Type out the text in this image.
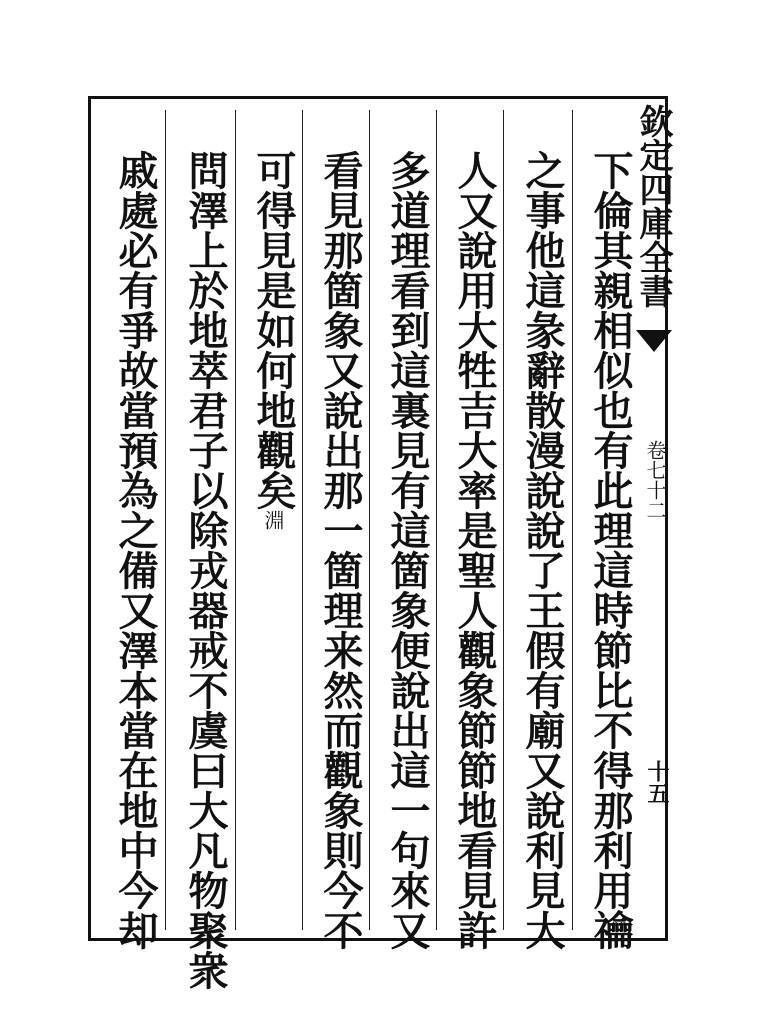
欽定四庫全書
卷七十二
十五
下倫其親相似也有此理這時節比不得那利用禴
之事他這彖辭散漫說說了王假有廟又說利見大
人又說用大牲吉大率是聖人觀象節節地看見許
多道理看到這裏見有這箇象便說出這一句來又
看見那箇象又說出那一箇理来然而觀象則今不
可得見是如何地觀矣淵
問澤上於地萃君子以除戎器戒不虞曰大凡物聚衆
戚處必有爭故當預為之備又澤本當在地中今却
